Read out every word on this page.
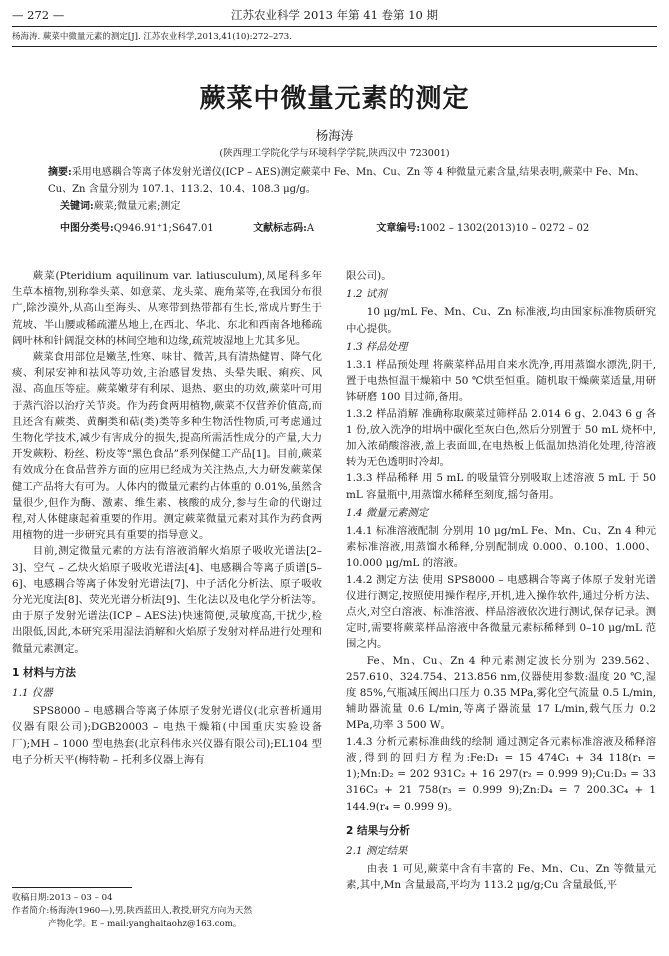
— 272 —	江苏农业科学 2013 年第 41 卷第 10 期
杨海涛. 蕨菜中微量元素的测定[J]. 江苏农业科学,2013,41(10):272–273.
蕨菜中微量元素的测定
杨海涛
(陕西理工学院化学与环境科学学院,陕西汉中 723001)
摘要:采用电感耦合等离子体发射光谱仪(ICP – AES)测定蕨菜中 Fe、Mn、Cu、Zn 等 4 种微量元素含量,结果表明,蕨菜中 Fe、Mn、Cu、Zn 含量分别为 107.1、113.2、10.4、108.3 μg/g。
关键词:蕨菜;微量元素;测定
中图分类号:Q946.91⁺1;S647.01	文献标志码:A	文章编号:1002 – 1302(2013)10 – 0272 – 02

蕨菜(Pteridium aquilinum var. latiusculum),凤尾科多年生草本植物,别称拳头菜、如意菜、龙头菜、鹿角菜等,在我国分布很广,除沙漠外,从高山至海头、从寒带到热带都有生长,常成片野生于荒坡、半山腰或稀疏灌丛地上,在西北、华北、东北和西南各地稀疏阔叶林和针阔混交林的林间空地和边缘,疏荒坡湿地上尤其多见。

蕨菜食用部位是嫩茎,性寒、味甘、微苦,具有清热健胃、降气化痰、利尿安神和祛风等功效,主治感冒发热、头晕失眠、痢疾、风湿、高血压等症。蕨菜嫩芽有利尿、退热、驱虫的功效,蕨菜叶可用于蒸汽浴以治疗关节炎。作为药食两用植物,蕨菜不仅营养价值高,而且还含有蕨类、黄酮类和萜(类)类等多种生物活性物质,可考虑通过生物化学技术,减少有害成分的损失,提高所需活性成分的产量,大力开发蕨粉、粉丝、粉皮等“黑色食品”系列保健工产品[1]。目前,蕨菜有效成分在食品营养方面的应用已经成为关注热点,大力研发蕨菜保健工产品将大有可为。人体内的微量元素约占体重的 0.01%,虽然含量很少,但作为酶、激素、维生素、核酸的成分,参与生命的代谢过程,对人体健康起着重要的作用。测定蕨菜微量元素对其作为药食两用植物的进一步研究具有重要的指导意义。

目前,测定微量元素的方法有溶液消解火焰原子吸收光谱法[2–3]、空气 – 乙炔火焰原子吸收光谱法[4]、电感耦合等离子质谱[5–6]、电感耦合等离子体发射光谱法[7]、中子活化分析法、原子吸收分光光度法[8]、荧光光谱分析法[9]、生化法以及电化学分析法等。由于原子发射光谱法(ICP – AES法)快速简便,灵敏度高,干扰少,检出限低,因此,本研究采用湿法消解和火焰原子发射对样品进行处理和微量元素测定。

1 材料与方法
1.1 仪器

SPS8000 – 电感耦合等离子体原子发射光谱仪(北京普析通用仪器有限公司);DGB20003 – 电热干燥箱(中国重庆实验设备厂);MH – 1000 型电热套(北京科伟永兴仪器有限公司);EL104 型电子分析天平(梅特勒 – 托利多仪器上海有

限公司)。

1.2 试剂

10 μg/mL Fe、Mn、Cu、Zn 标准液,均由国家标准物质研究中心提供。

1.3 样品处理

1.3.1 样品预处理 将蕨菜样品用自来水洗净,再用蒸馏水漂洗,阴干,置于电热恒温干燥箱中 50 ℃烘至恒重。随机取干燥蕨菜适量,用研钵研磨 100 目过筛,备用。

1.3.2 样品消解 准确称取蕨菜过筛样品 2.014 6 g、2.043 6 g 各 1 份,放入洗净的坩埚中碳化至灰白色,然后分别置于 50 mL 烧杯中,加入浓硝酸溶液,盖上表面皿,在电热板上低温加热消化处理,待溶液转为无色透明时冷却。

1.3.3 样品稀释 用 5 mL 的吸量管分别吸取上述溶液 5 mL 于 50 mL 容量瓶中,用蒸馏水稀释至刻度,摇匀备用。

1.4 微量元素测定

1.4.1 标准溶液配制 分别用 10 μg/mL Fe、Mn、Cu、Zn 4 种元素标准溶液,用蒸馏水稀释,分别配制成 0.000、0.100、1.000、10.000 μg/mL 的溶液。

1.4.2 测定方法 使用 SPS8000 – 电感耦合等离子体原子发射光谱仪进行测定,按照使用操作程序,开机,进入操作软件,通过分析方法、点火,对空白溶液、标准溶液、样品溶液依次进行测试,保存记录。测定时,需要将蕨菜样品溶液中各微量元素标稀释到 0–10 μg/mL 范围之内。

Fe、Mn、Cu、Zn 4 种元素测定波长分别为 239.562、257.610、324.754、213.856 nm,仪器使用参数:温度 20 ℃,湿度 85%,气瓶减压阀出口压力 0.35 MPa,雾化空气流量 0.5 L/min,辅助器流量 0.6 L/min,等离子器流量 17 L/min,载气压力 0.2 MPa,功率 3 500 W。

1.4.3 分析元素标准曲线的绘制 通过测定各元素标准溶液及稀释溶液,得到的回归方程为:Fe:D₁ = 15 474C₁ + 34 118(r₁ = 1);Mn:D₂ = 202 931C₂ + 16 297(r₂ = 0.999 9);Cu:D₃ = 33 316C₃ + 21 758(r₃ = 0.999 9);Zn:D₄ = 7 200.3C₄ + 1 144.9(r₄ = 0.999 9)。

2 结果与分析
2.1 测定结果

由表 1 可见,蕨菜中含有丰富的 Fe、Mn、Cu、Zn 等微量元素,其中,Mn 含量最高,平均为 113.2 μg/g;Cu 含量最低,平

收稿日期:2013 – 03 – 04
作者简介:杨海涛(1960—),男,陕西蓝田人,教授,研究方向为天然
产物化学。E – mail:yanghaitaohz@163.com。
